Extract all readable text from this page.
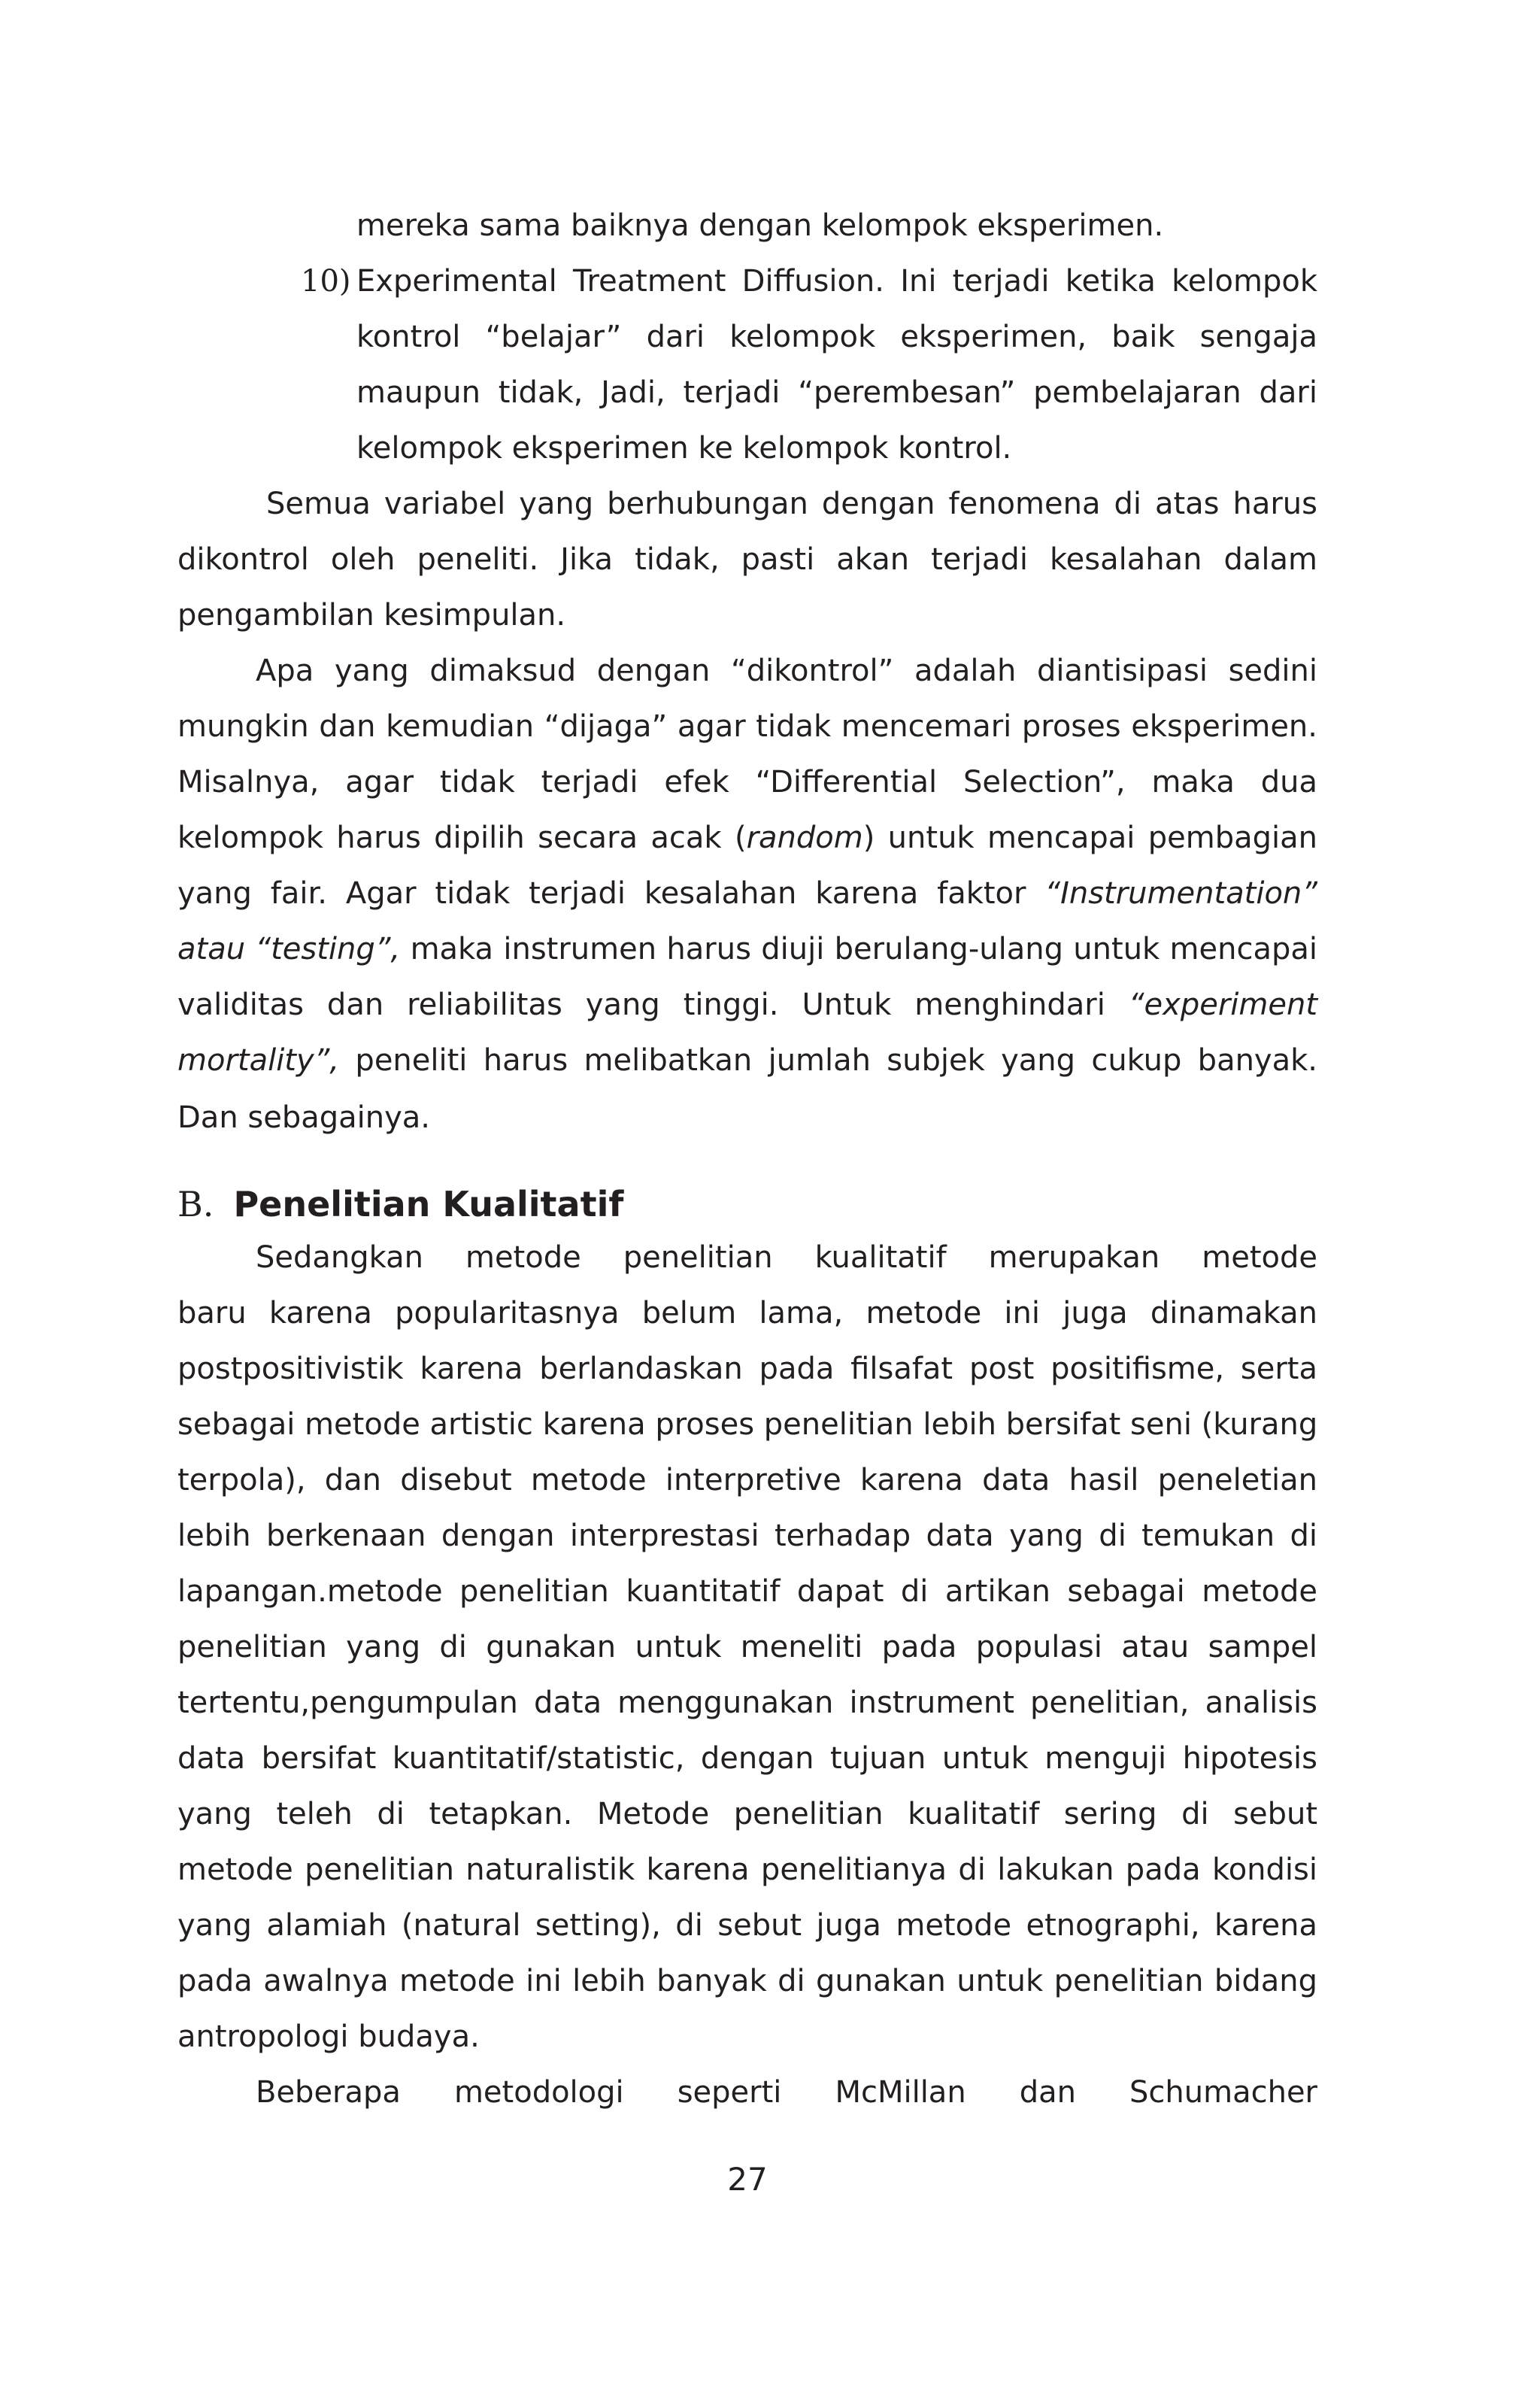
mereka sama baiknya dengan kelompok eksperimen.
10) Experimental Treatment Diffusion. Ini terjadi ketika kelompok
kontrol “belajar” dari kelompok eksperimen, baik sengaja
maupun tidak, Jadi, terjadi “perembesan” pembelajaran dari
kelompok eksperimen ke kelompok kontrol.
Semua variabel yang berhubungan dengan fenomena di atas harus
dikontrol oleh peneliti. Jika tidak, pasti akan terjadi kesalahan dalam
pengambilan kesimpulan.
Apa yang dimaksud dengan “dikontrol” adalah diantisipasi sedini
mungkin dan kemudian “dijaga” agar tidak mencemari proses eksperimen.
Misalnya, agar tidak terjadi efek “Differential Selection”, maka dua
kelompok harus dipilih secara acak (random) untuk mencapai pembagian
yang fair. Agar tidak terjadi kesalahan karena faktor “Instrumentation”
atau “testing”, maka instrumen harus diuji berulang-ulang untuk mencapai
validitas dan reliabilitas yang tinggi. Untuk menghindari “experiment
mortality”, peneliti harus melibatkan jumlah subjek yang cukup banyak.
Dan sebagainya.
B. Penelitian Kualitatif
Sedangkan metode penelitian kualitatif merupakan metode
baru karena popularitasnya belum lama, metode ini juga dinamakan
postpositivistik karena berlandaskan pada filsafat post positifisme, serta
sebagai metode artistic karena proses penelitian lebih bersifat seni (kurang
terpola), dan disebut metode interpretive karena data hasil peneletian
lebih berkenaan dengan interprestasi terhadap data yang di temukan di
lapangan.metode penelitian kuantitatif dapat di artikan sebagai metode
penelitian yang di gunakan untuk meneliti pada populasi atau sampel
tertentu,pengumpulan data menggunakan instrument penelitian, analisis
data bersifat kuantitatif/statistic, dengan tujuan untuk menguji hipotesis
yang teleh di tetapkan. Metode penelitian kualitatif sering di sebut
metode penelitian naturalistik karena penelitianya di lakukan pada kondisi
yang alamiah (natural setting), di sebut juga metode etnographi, karena
pada awalnya metode ini lebih banyak di gunakan untuk penelitian bidang
antropologi budaya.
Beberapa metodologi seperti McMillan dan Schumacher
27
